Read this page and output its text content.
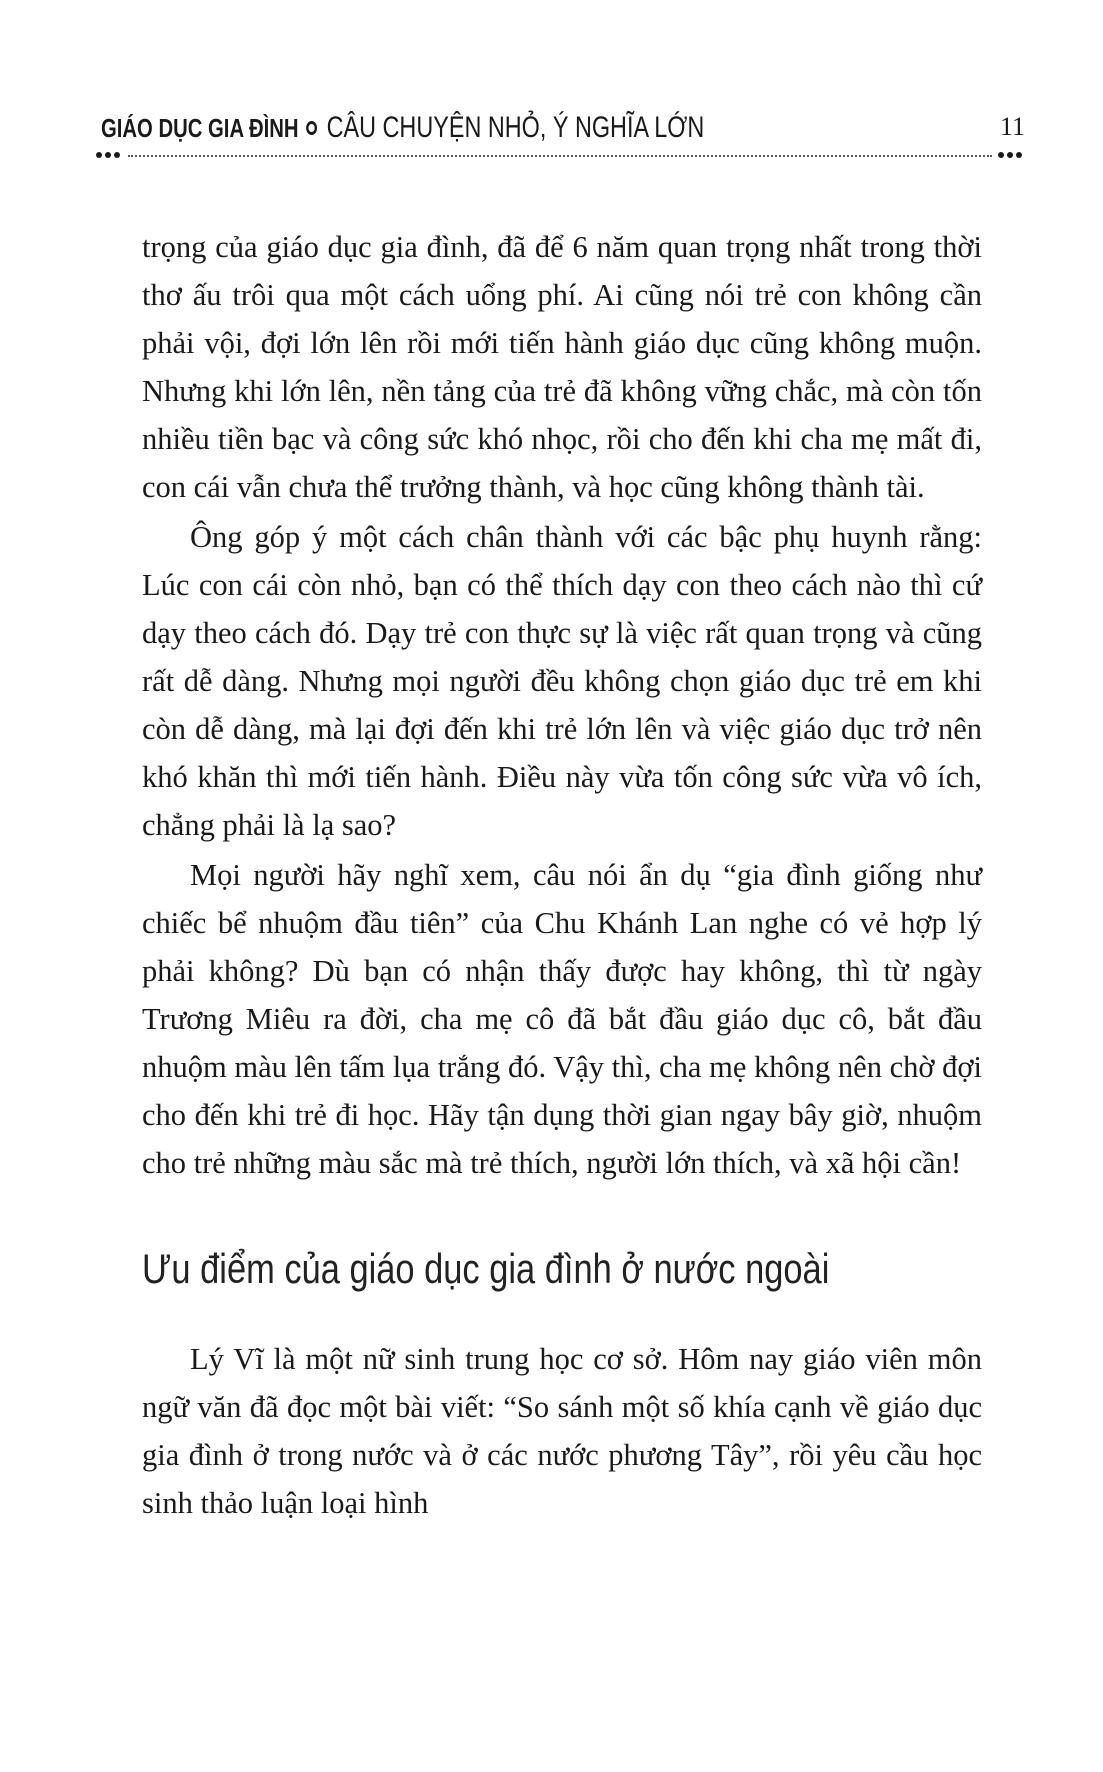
GIÁO DỤC GIA ĐÌNH CÂU CHUYỆN NHỎ, Ý NGHĨA LỚN	11

trọng của giáo dục gia đình, đã để 6 năm quan trọng nhất trong thời thơ ấu trôi qua một cách uổng phí. Ai cũng nói trẻ con không cần phải vội, đợi lớn lên rồi mới tiến hành giáo dục cũng không muộn. Nhưng khi lớn lên, nền tảng của trẻ đã không vững chắc, mà còn tốn nhiều tiền bạc và công sức khó nhọc, rồi cho đến khi cha mẹ mất đi, con cái vẫn chưa thể trưởng thành, và học cũng không thành tài.

Ông góp ý một cách chân thành với các bậc phụ huynh rằng: Lúc con cái còn nhỏ, bạn có thể thích dạy con theo cách nào thì cứ dạy theo cách đó. Dạy trẻ con thực sự là việc rất quan trọng và cũng rất dễ dàng. Nhưng mọi người đều không chọn giáo dục trẻ em khi còn dễ dàng, mà lại đợi đến khi trẻ lớn lên và việc giáo dục trở nên khó khăn thì mới tiến hành. Điều này vừa tốn công sức vừa vô ích, chẳng phải là lạ sao?

Mọi người hãy nghĩ xem, câu nói ẩn dụ “gia đình giống như chiếc bể nhuộm đầu tiên” của Chu Khánh Lan nghe có vẻ hợp lý phải không? Dù bạn có nhận thấy được hay không, thì từ ngày Trương Miêu ra đời, cha mẹ cô đã bắt đầu giáo dục cô, bắt đầu nhuộm màu lên tấm lụa trắng đó. Vậy thì, cha mẹ không nên chờ đợi cho đến khi trẻ đi học. Hãy tận dụng thời gian ngay bây giờ, nhuộm cho trẻ những màu sắc mà trẻ thích, người lớn thích, và xã hội cần!

Ưu điểm của giáo dục gia đình ở nước ngoài

Lý Vĩ là một nữ sinh trung học cơ sở. Hôm nay giáo viên môn ngữ văn đã đọc một bài viết: “So sánh một số khía cạnh về giáo dục gia đình ở trong nước và ở các nước phương Tây”, rồi yêu cầu học sinh thảo luận loại hình
